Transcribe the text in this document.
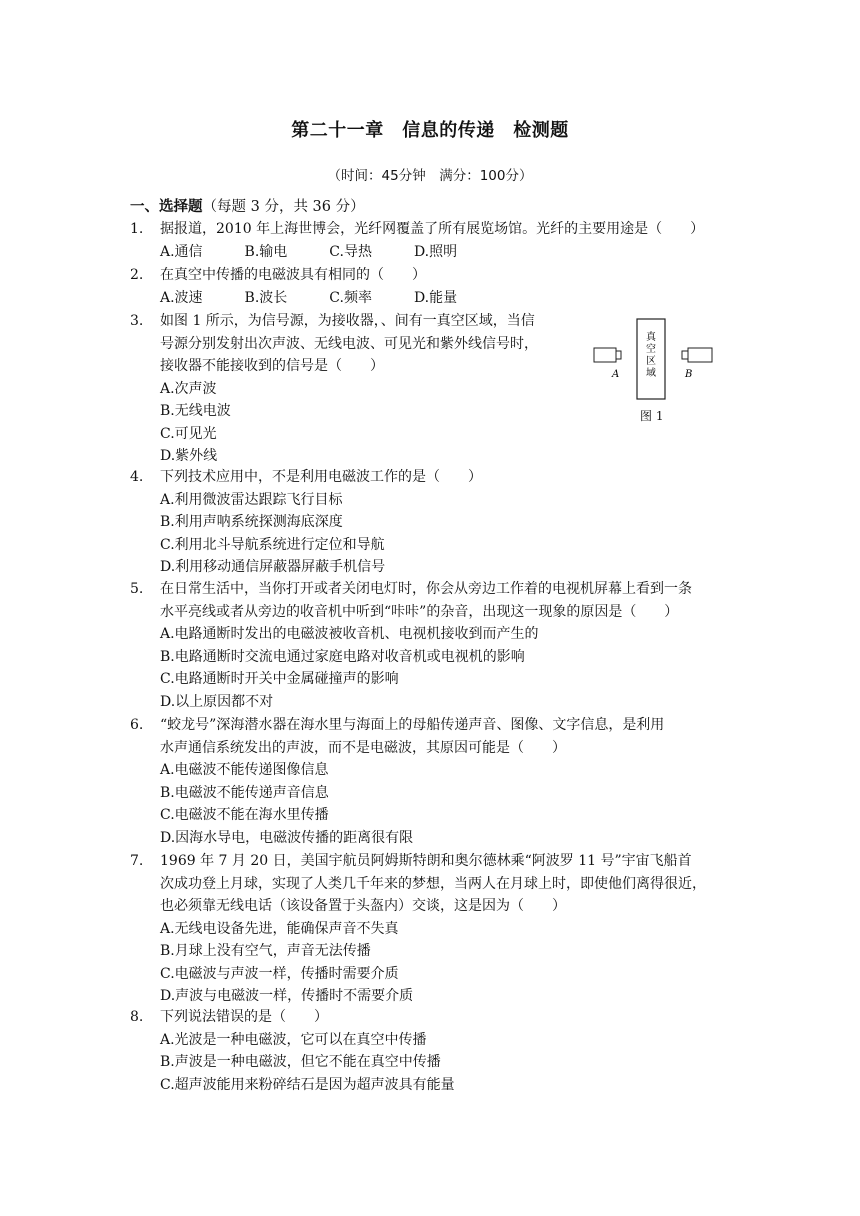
第二十一章　信息的传递　检测题
（时间：45分钟　满分：100分）
一、选择题（每题 3 分，共 36 分）
1. 据报道，2010 年上海世博会，光纤网覆盖了所有展览场馆。光纤的主要用途是（　　）
A.通信　　　B.输电　　　C.导热　　　D.照明
2. 在真空中传播的电磁波具有相同的（　　）
A.波速　　　B.波长　　　C.频率　　　D.能量
3. 如图 1 所示，为信号源，为接收器，、间有一真空区域，当信
号源分别发射出次声波、无线电波、可见光和紫外线信号时，
接收器不能接收到的信号是（　　）
A.次声波
B.无线电波
C.可见光
D.紫外线
4. 下列技术应用中，不是利用电磁波工作的是（　　）
A.利用微波雷达跟踪飞行目标
B.利用声呐系统探测海底深度
C.利用北斗导航系统进行定位和导航
D.利用移动通信屏蔽器屏蔽手机信号
5. 在日常生活中，当你打开或者关闭电灯时，你会从旁边工作着的电视机屏幕上看到一条
水平亮线或者从旁边的收音机中听到“咔咔”的杂音，出现这一现象的原因是（　　）
A.电路通断时发出的电磁波被收音机、电视机接收到而产生的
B.电路通断时交流电通过家庭电路对收音机或电视机的影响
C.电路通断时开关中金属碰撞声的影响
D.以上原因都不对
6. “蛟龙号”深海潜水器在海水里与海面上的母船传递声音、图像、文字信息，是利用
水声通信系统发出的声波，而不是电磁波，其原因可能是（　　）
A.电磁波不能传递图像信息
B.电磁波不能传递声音信息
C.电磁波不能在海水里传播
D.因海水导电，电磁波传播的距离很有限
7. 1969 年 7 月 20 日，美国宇航员阿姆斯特朗和奥尔德林乘“阿波罗 11 号”宇宙飞船首
次成功登上月球，实现了人类几千年来的梦想，当两人在月球上时，即使他们离得很近，
也必须靠无线电话（该设备置于头盔内）交谈，这是因为（　　）
A.无线电设备先进，能确保声音不失真
B.月球上没有空气，声音无法传播
C.电磁波与声波一样，传播时需要介质
D.声波与电磁波一样，传播时不需要介质
8. 下列说法错误的是（　　）
A.光波是一种电磁波，它可以在真空中传播
B.声波是一种电磁波，但它不能在真空中传播
C.超声波能用来粉碎结石是因为超声波具有能量
真空区域
A	B
图 1
